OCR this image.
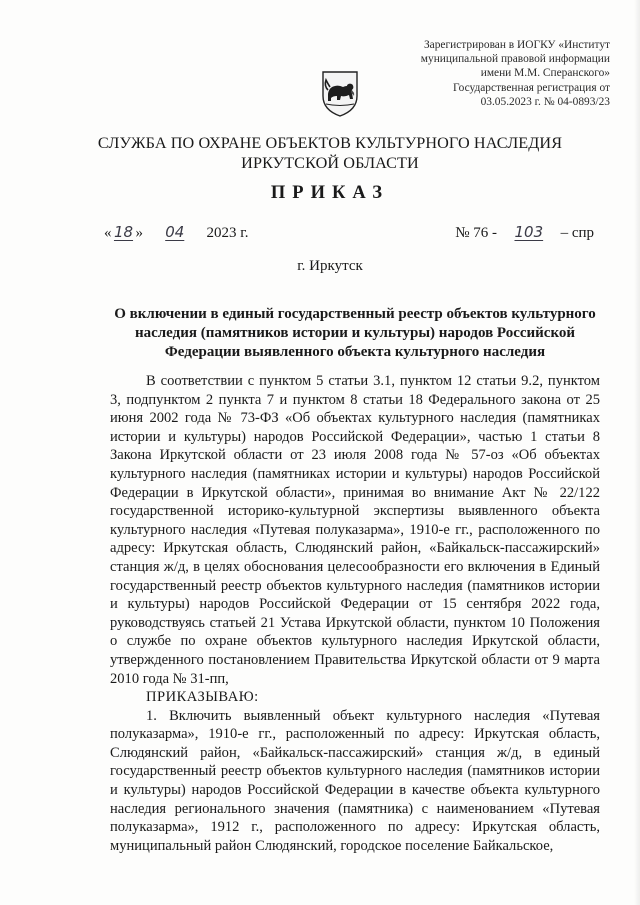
Зарегистрирован в ИОГКУ «Институт
муниципальной правовой информации
имени М.М. Сперанского»
Государственная регистрация от
03.05.2023 г. № 04-0893/23
СЛУЖБА ПО ОХРАНЕ ОБЪЕКТОВ КУЛЬТУРНОГО НАСЛЕДИЯ
ИРКУТСКОЙ ОБЛАСТИ
ПРИКАЗ
« 18 » 04 2023 г.	№ 76 - 103 – спр
г. Иркутск
О включении в единый государственный реестр объектов культурного
наследия (памятников истории и культуры) народов Российской
Федерации выявленного объекта культурного наследия

В соответствии с пунктом 5 статьи 3.1, пунктом 12 статьи 9.2, пунктом 3, подпунктом 2 пункта 7 и пунктом 8 статьи 18 Федерального закона от 25 июня 2002 года № 73-ФЗ «Об объектах культурного наследия (памятниках истории и культуры) народов Российской Федерации», частью 1 статьи 8 Закона Иркутской области от 23 июля 2008 года № 57-оз «Об объектах культурного наследия (памятниках истории и культуры) народов Российской Федерации в Иркутской области», принимая во внимание Акт № 22/122 государственной историко-культурной экспертизы выявленного объекта культурного наследия «Путевая полуказарма», 1910-е гг., расположенного по адресу: Иркутская область, Слюдянский район, «Байкальск-пассажирский» станция ж/д, в целях обоснования целесообразности его включения в Единый государственный реестр объектов культурного наследия (памятников истории и культуры) народов Российской Федерации от 15 сентября 2022 года, руководствуясь статьей 21 Устава Иркутской области, пунктом 10 Положения о службе по охране объектов культурного наследия Иркутской области, утвержденного постановлением Правительства Иркутской области от 9 марта 2010 года № 31-пп,

ПРИКАЗЫВАЮ:

1. Включить выявленный объект культурного наследия «Путевая полуказарма», 1910-е гг., расположенный по адресу: Иркутская область, Слюдянский район, «Байкальск-пассажирский» станция ж/д, в единый государственный реестр объектов культурного наследия (памятников истории и культуры) народов Российской Федерации в качестве объекта культурного наследия регионального значения (памятника) с наименованием «Путевая полуказарма», 1912 г., расположенного по адресу: Иркутская область, муниципальный район Слюдянский, городское поселение Байкальское,
